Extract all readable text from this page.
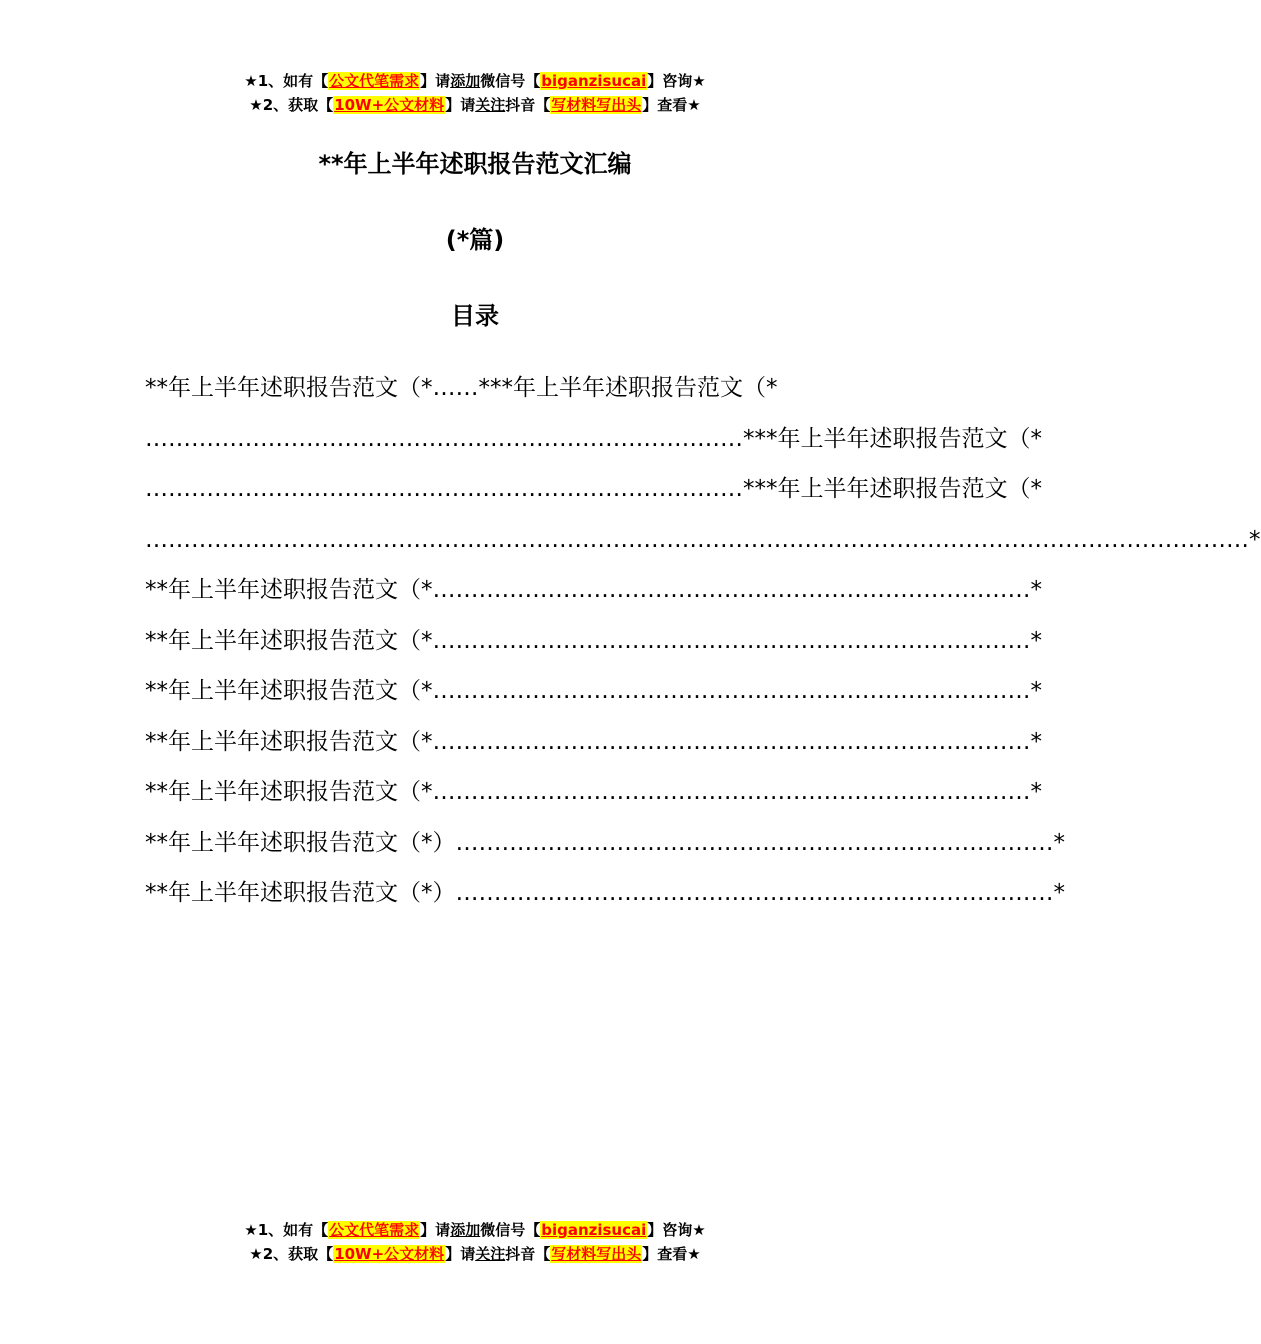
★1、如有【公文代笔需求】请添加微信号【biganzisucai】咨询★
★2、获取【10W+公文材料】请关注抖音【写材料写出头】查看★
**年上半年述职报告范文汇编
(*篇)
目录
**年上半年述职报告范文（*……***年上半年述职报告范文（*
…………………………………………………………………… ***年上半年述职报告范文（*
…………………………………………………………………… ***年上半年述职报告范文（*
……………………………………………………………………………………………………………………………… *
**年上半年述职报告范文（* …………………………………………………………………… *
**年上半年述职报告范文（* …………………………………………………………………… *
**年上半年述职报告范文（* …………………………………………………………………… *
**年上半年述职报告范文（* …………………………………………………………………… *
**年上半年述职报告范文（* …………………………………………………………………… *
**年上半年述职报告范文（*） …………………………………………………………………… *
**年上半年述职报告范文（*） …………………………………………………………………… *
★1、如有【公文代笔需求】请添加微信号【biganzisucai】咨询★
★2、获取【10W+公文材料】请关注抖音【写材料写出头】查看★
